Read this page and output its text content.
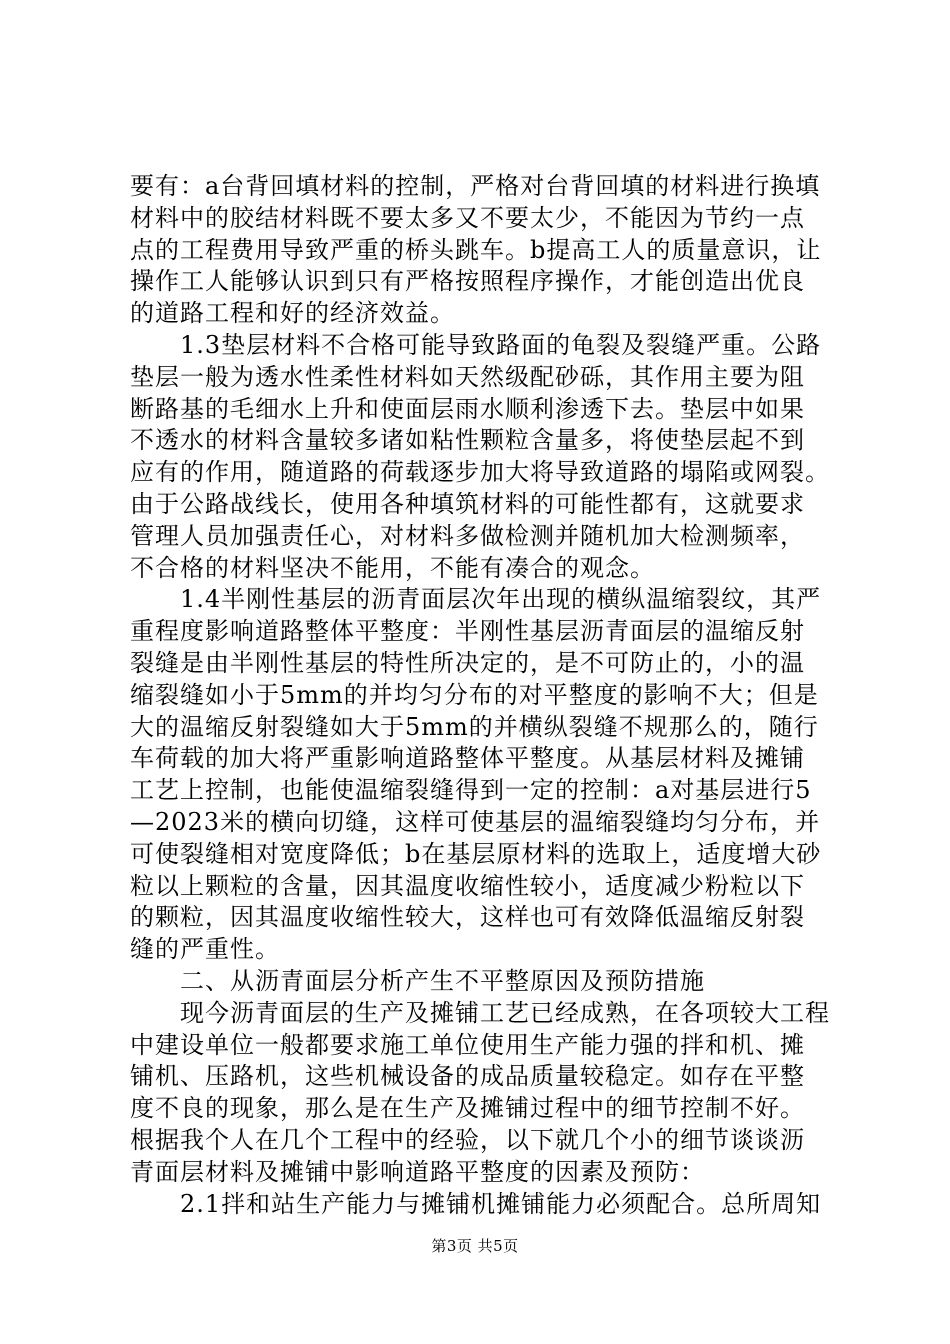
要有：a台背回填材料的控制，严格对台背回填的材料进行换填
材料中的胶结材料既不要太多又不要太少，不能因为节约一点
点的工程费用导致严重的桥头跳车。b提高工人的质量意识，让
操作工人能够认识到只有严格按照程序操作，才能创造出优良
的道路工程和好的经济效益。
　　1.3垫层材料不合格可能导致路面的龟裂及裂缝严重。公路
垫层一般为透水性柔性材料如天然级配砂砾，其作用主要为阻
断路基的毛细水上升和使面层雨水顺利渗透下去。垫层中如果
不透水的材料含量较多诸如粘性颗粒含量多，将使垫层起不到
应有的作用，随道路的荷载逐步加大将导致道路的塌陷或网裂。
由于公路战线长，使用各种填筑材料的可能性都有，这就要求
管理人员加强责任心，对材料多做检测并随机加大检测频率，
不合格的材料坚决不能用，不能有凑合的观念。
　　1.4半刚性基层的沥青面层次年出现的横纵温缩裂纹，其严
重程度影响道路整体平整度：半刚性基层沥青面层的温缩反射
裂缝是由半刚性基层的特性所决定的，是不可防止的，小的温
缩裂缝如小于5mm的并均匀分布的对平整度的影响不大；但是
大的温缩反射裂缝如大于5mm的并横纵裂缝不规那么的，随行
车荷载的加大将严重影响道路整体平整度。从基层材料及摊铺
工艺上控制，也能使温缩裂缝得到一定的控制：a对基层进行5
—2023米的横向切缝，这样可使基层的温缩裂缝均匀分布，并
可使裂缝相对宽度降低；b在基层原材料的选取上，适度增大砂
粒以上颗粒的含量，因其温度收缩性较小，适度减少粉粒以下
的颗粒，因其温度收缩性较大，这样也可有效降低温缩反射裂
缝的严重性。
　　二、从沥青面层分析产生不平整原因及预防措施
　　现今沥青面层的生产及摊铺工艺已经成熟，在各项较大工程
中建设单位一般都要求施工单位使用生产能力强的拌和机、摊
铺机、压路机，这些机械设备的成品质量较稳定。如存在平整
度不良的现象，那么是在生产及摊铺过程中的细节控制不好。
根据我个人在几个工程中的经验，以下就几个小的细节谈谈沥
青面层材料及摊铺中影响道路平整度的因素及预防：
　　2.1拌和站生产能力与摊铺机摊铺能力必须配合。总所周知
第3页 共5页
